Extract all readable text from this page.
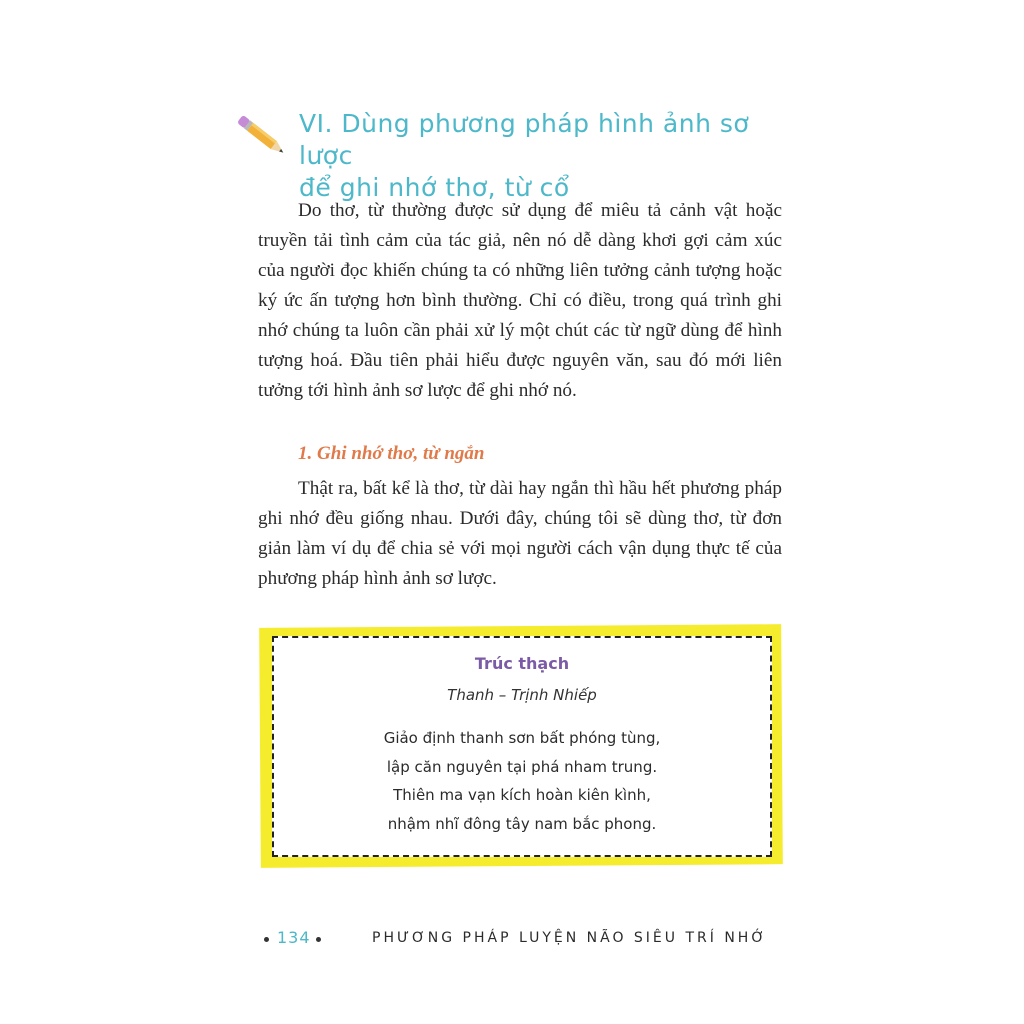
VI. Dùng phương pháp hình ảnh sơ lược
để ghi nhớ thơ, từ cổ

Do thơ, từ thường được sử dụng để miêu tả cảnh vật hoặc truyền tải tình cảm của tác giả, nên nó dễ dàng khơi gợi cảm xúc của người đọc khiến chúng ta có những liên tưởng cảnh tượng hoặc ký ức ấn tượng hơn bình thường. Chỉ có điều, trong quá trình ghi nhớ chúng ta luôn cần phải xử lý một chút các từ ngữ dùng để hình tượng hoá. Đầu tiên phải hiểu được nguyên văn, sau đó mới liên tưởng tới hình ảnh sơ lược để ghi nhớ nó.

1. Ghi nhớ thơ, từ ngắn

Thật ra, bất kể là thơ, từ dài hay ngắn thì hầu hết phương pháp ghi nhớ đều giống nhau. Dưới đây, chúng tôi sẽ dùng thơ, từ đơn giản làm ví dụ để chia sẻ với mọi người cách vận dụng thực tế của phương pháp hình ảnh sơ lược.

Trúc thạch

Thanh – Trịnh Nhiếp

Giảo định thanh sơn bất phóng tùng,
lập căn nguyên tại phá nham trung.
Thiên ma vạn kích hoàn kiên kình,
nhậm nhĩ đông tây nam bắc phong.
134	PHƯƠNG PHÁP LUYỆN NÃO SIÊU TRÍ NHỚ
